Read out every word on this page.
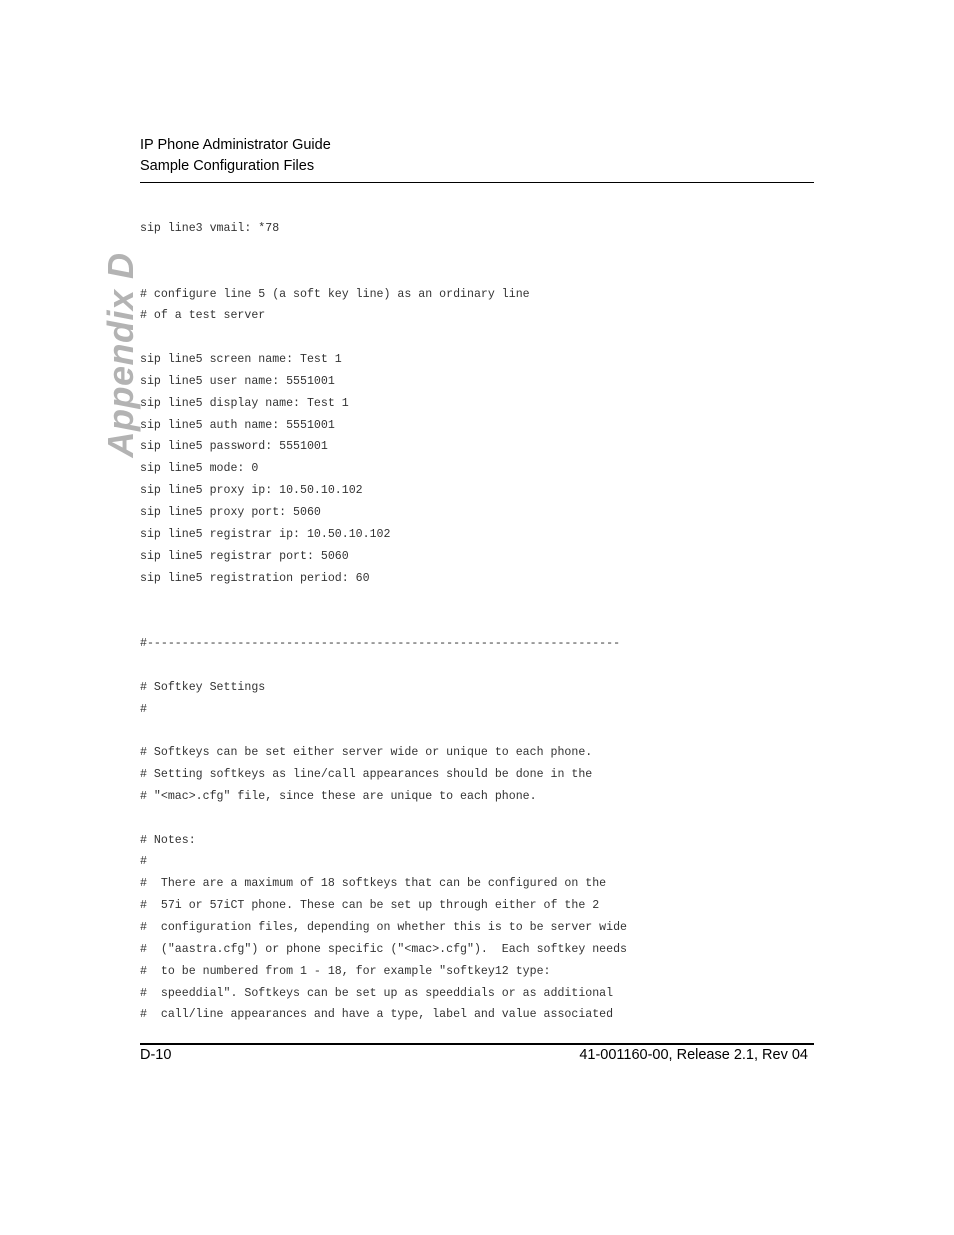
IP Phone Administrator Guide
Sample Configuration Files
Appendix D
sip line3 vmail: *78
# configure line 5 (a soft key line) as an ordinary line
# of a test server
sip line5 screen name: Test 1
sip line5 user name: 5551001
sip line5 display name: Test 1
sip line5 auth name: 5551001
sip line5 password: 5551001
sip line5 mode: 0
sip line5 proxy ip: 10.50.10.102
sip line5 proxy port: 5060
sip line5 registrar ip: 10.50.10.102
sip line5 registrar port: 5060
sip line5 registration period: 60
#--------------------------------------------------------------------
# Softkey Settings
#
# Softkeys can be set either server wide or unique to each phone.
# Setting softkeys as line/call appearances should be done in the
# "<mac>.cfg" file, since these are unique to each phone.
# Notes:
#
#  There are a maximum of 18 softkeys that can be configured on the
#  57i or 57iCT phone. These can be set up through either of the 2
#  configuration files, depending on whether this is to be server wide
#  ("aastra.cfg") or phone specific ("<mac>.cfg").  Each softkey needs
#  to be numbered from 1 - 18, for example "softkey12 type:
#  speeddial". Softkeys can be set up as speeddials or as additional
#  call/line appearances and have a type, label and value associated
D-10	41-001160-00, Release 2.1, Rev 04
